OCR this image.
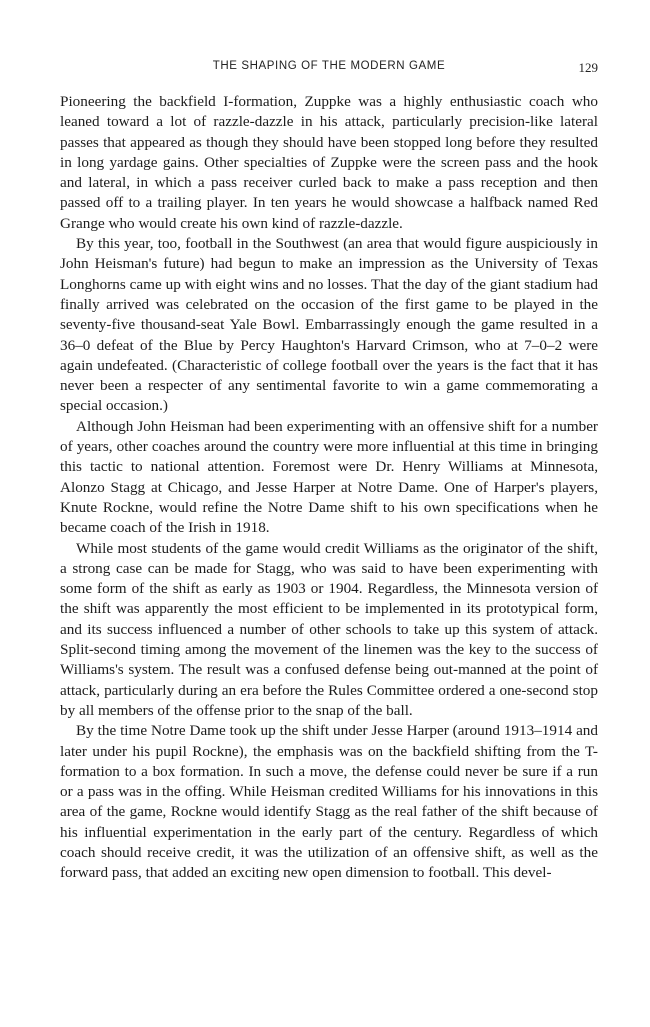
THE SHAPING OF THE MODERN GAME	129

Pioneering the backfield I-formation, Zuppke was a highly enthusiastic coach who leaned toward a lot of razzle-dazzle in his attack, particularly precision-like lateral passes that appeared as though they should have been stopped long before they resulted in long yardage gains. Other specialties of Zuppke were the screen pass and the hook and lateral, in which a pass receiver curled back to make a pass reception and then passed off to a trailing player. In ten years he would showcase a halfback named Red Grange who would create his own kind of razzle-dazzle.

By this year, too, football in the Southwest (an area that would figure auspiciously in John Heisman's future) had begun to make an impression as the University of Texas Longhorns came up with eight wins and no losses. That the day of the giant stadium had finally arrived was celebrated on the occasion of the first game to be played in the seventy-five thousand-seat Yale Bowl. Embarrassingly enough the game resulted in a 36–0 defeat of the Blue by Percy Haughton's Harvard Crimson, who at 7–0–2 were again undefeated. (Characteristic of college football over the years is the fact that it has never been a respecter of any sentimental favorite to win a game commemorating a special occasion.)

Although John Heisman had been experimenting with an offensive shift for a number of years, other coaches around the country were more influential at this time in bringing this tactic to national attention. Foremost were Dr. Henry Williams at Minnesota, Alonzo Stagg at Chicago, and Jesse Harper at Notre Dame. One of Harper's players, Knute Rockne, would refine the Notre Dame shift to his own specifications when he became coach of the Irish in 1918.

While most students of the game would credit Williams as the originator of the shift, a strong case can be made for Stagg, who was said to have been experimenting with some form of the shift as early as 1903 or 1904. Regardless, the Minnesota version of the shift was apparently the most efficient to be implemented in its prototypical form, and its success influenced a number of other schools to take up this system of attack. Split-second timing among the movement of the linemen was the key to the success of Williams's system. The result was a confused defense being out-manned at the point of attack, particularly during an era before the Rules Committee ordered a one-second stop by all members of the offense prior to the snap of the ball.

By the time Notre Dame took up the shift under Jesse Harper (around 1913–1914 and later under his pupil Rockne), the emphasis was on the backfield shifting from the T-formation to a box formation. In such a move, the defense could never be sure if a run or a pass was in the offing. While Heisman credited Williams for his innovations in this area of the game, Rockne would identify Stagg as the real father of the shift because of his influential experimentation in the early part of the century. Regardless of which coach should receive credit, it was the utilization of an offensive shift, as well as the forward pass, that added an exciting new open dimension to football. This devel-
